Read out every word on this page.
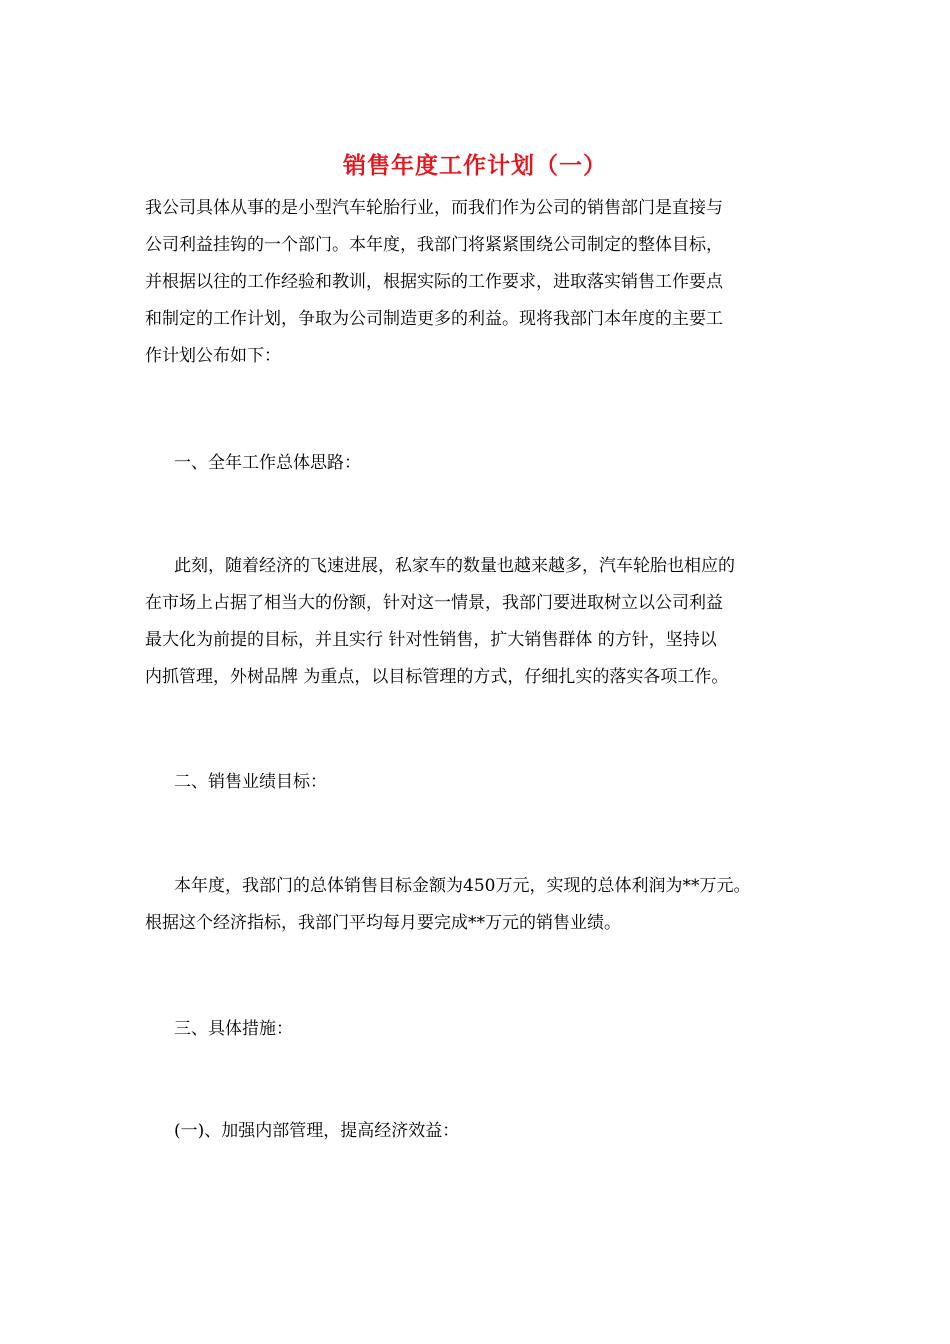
销售年度工作计划（一）
我公司具体从事的是小型汽车轮胎行业，而我们作为公司的销售部门是直接与
公司利益挂钩的一个部门。本年度，我部门将紧紧围绕公司制定的整体目标，
并根据以往的工作经验和教训，根据实际的工作要求，进取落实销售工作要点
和制定的工作计划，争取为公司制造更多的利益。现将我部门本年度的主要工
作计划公布如下：
一、全年工作总体思路：
此刻，随着经济的飞速进展，私家车的数量也越来越多，汽车轮胎也相应的
在市场上占据了相当大的份额，针对这一情景，我部门要进取树立以公司利益
最大化为前提的目标，并且实行 针对性销售，扩大销售群体 的方针，坚持以
内抓管理，外树品牌 为重点，以目标管理的方式，仔细扎实的落实各项工作。
二、销售业绩目标：
本年度，我部门的总体销售目标金额为450万元，实现的总体利润为**万元。
根据这个经济指标，我部门平均每月要完成**万元的销售业绩。
三、具体措施：
(一)、加强内部管理，提高经济效益：
